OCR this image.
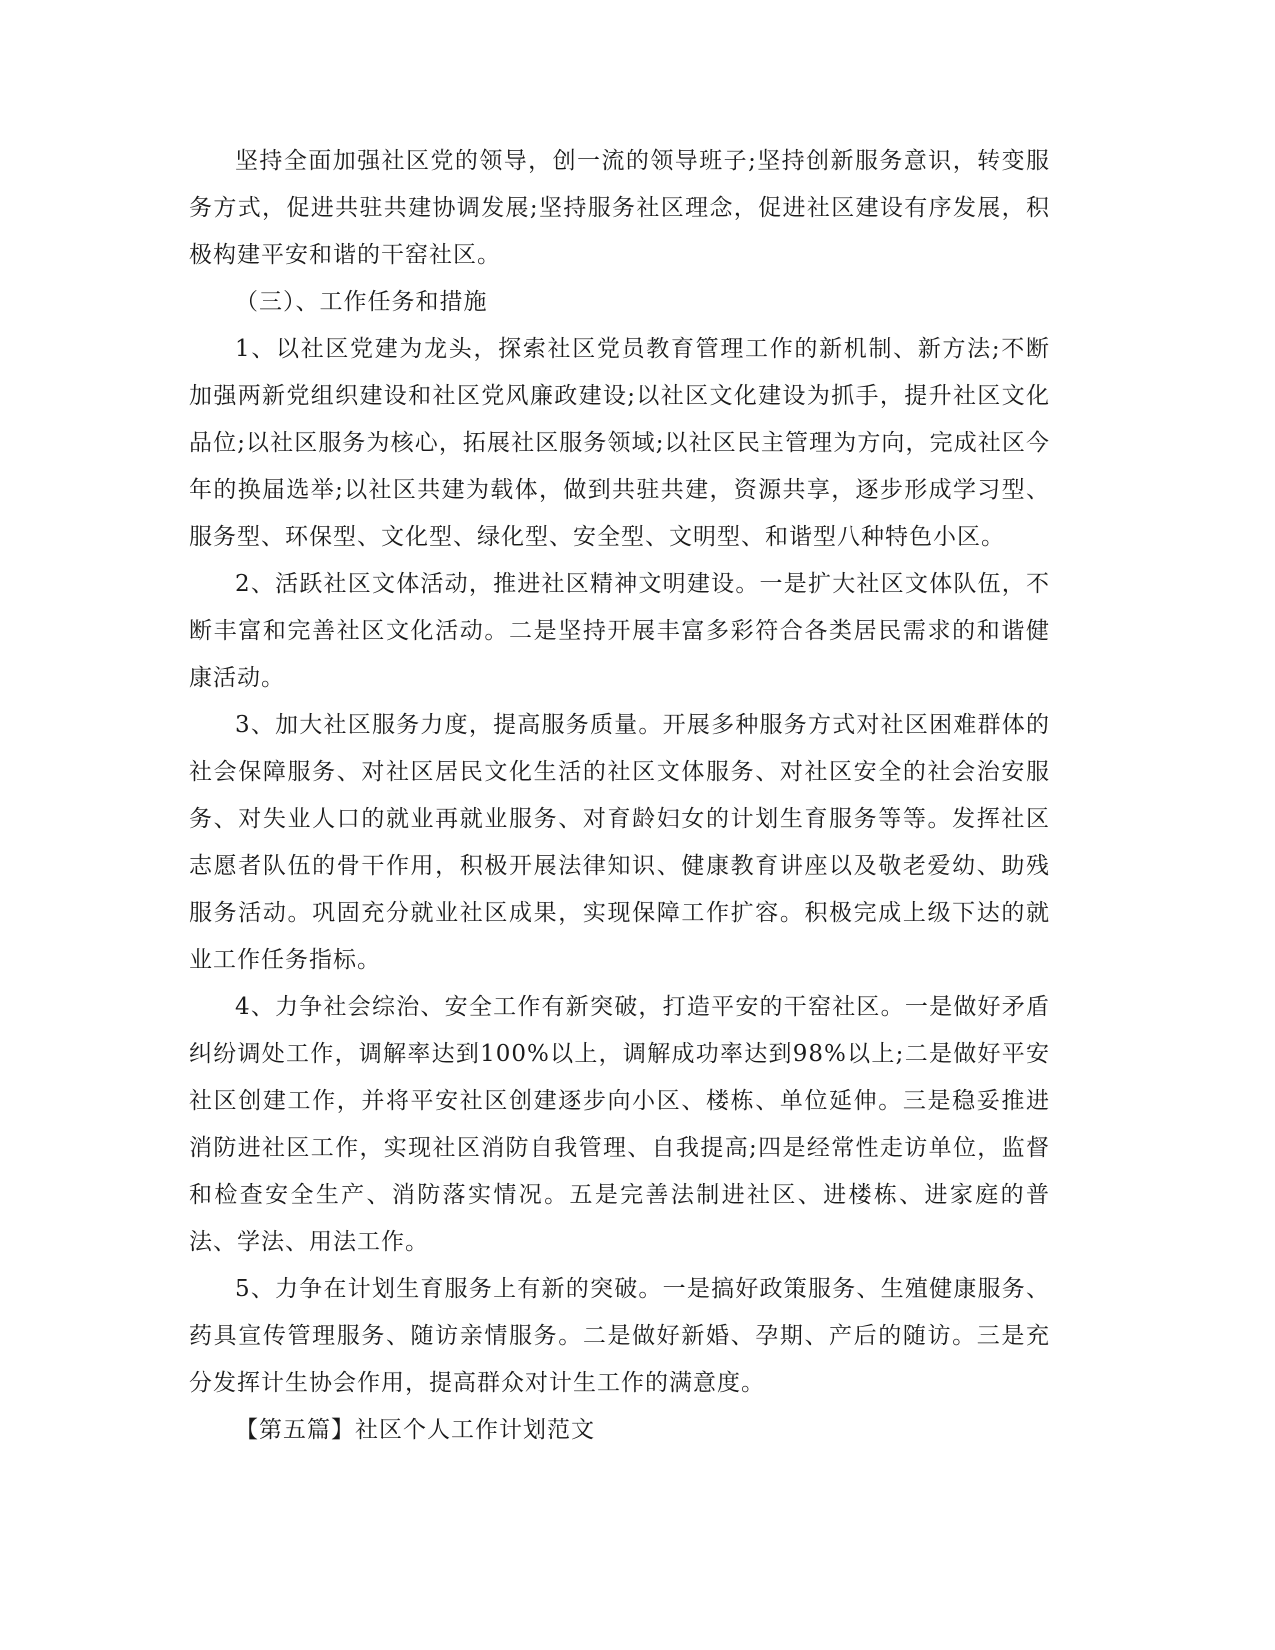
坚持全面加强社区党的领导，创一流的领导班子;坚持创新服务意识，转变服务方式，促进共驻共建协调发展;坚持服务社区理念，促进社区建设有序发展，积极构建平安和谐的干窑社区。

（三）、工作任务和措施

1、以社区党建为龙头，探索社区党员教育管理工作的新机制、新方法;不断加强两新党组织建设和社区党风廉政建设;以社区文化建设为抓手，提升社区文化品位;以社区服务为核心，拓展社区服务领域;以社区民主管理为方向，完成社区今年的换届选举;以社区共建为载体，做到共驻共建，资源共享，逐步形成学习型、服务型、环保型、文化型、绿化型、安全型、文明型、和谐型八种特色小区。

2、活跃社区文体活动，推进社区精神文明建设。一是扩大社区文体队伍，不断丰富和完善社区文化活动。二是坚持开展丰富多彩符合各类居民需求的和谐健康活动。

3、加大社区服务力度，提高服务质量。开展多种服务方式对社区困难群体的社会保障服务、对社区居民文化生活的社区文体服务、对社区安全的社会治安服务、对失业人口的就业再就业服务、对育龄妇女的计划生育服务等等。发挥社区志愿者队伍的骨干作用，积极开展法律知识、健康教育讲座以及敬老爱幼、助残服务活动。巩固充分就业社区成果，实现保障工作扩容。积极完成上级下达的就业工作任务指标。

4、力争社会综治、安全工作有新突破，打造平安的干窑社区。一是做好矛盾纠纷调处工作，调解率达到100%以上，调解成功率达到98%以上;二是做好平安社区创建工作，并将平安社区创建逐步向小区、楼栋、单位延伸。三是稳妥推进消防进社区工作，实现社区消防自我管理、自我提高;四是经常性走访单位，监督和检查安全生产、消防落实情况。五是完善法制进社区、进楼栋、进家庭的普法、学法、用法工作。

5、力争在计划生育服务上有新的突破。一是搞好政策服务、生殖健康服务、药具宣传管理服务、随访亲情服务。二是做好新婚、孕期、产后的随访。三是充分发挥计生协会作用，提高群众对计生工作的满意度。

【第五篇】社区个人工作计划范文
